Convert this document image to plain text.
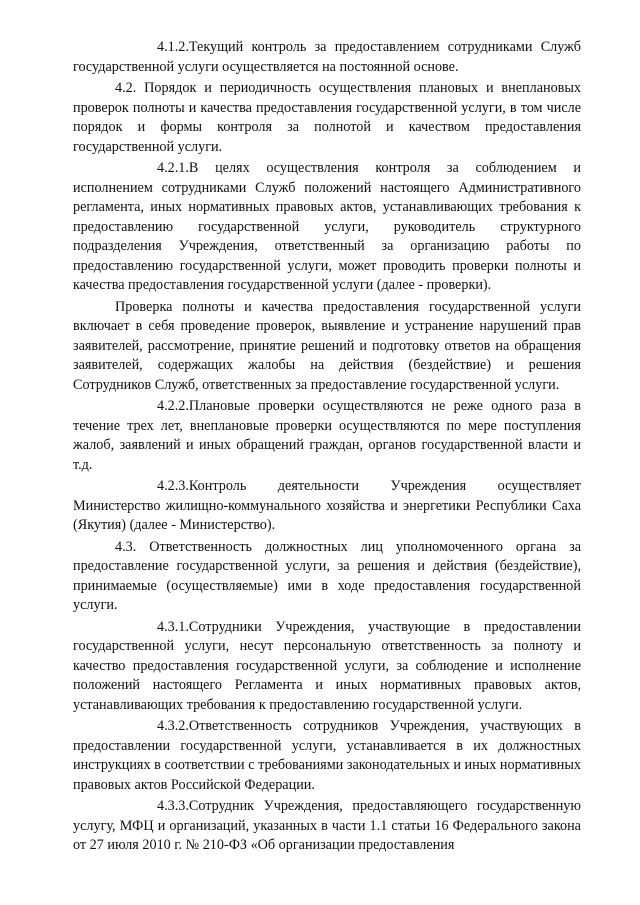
4.1.2.Текущий контроль за предоставлением сотрудниками Служб государственной услуги осуществляется на постоянной основе.

4.2. Порядок и периодичность осуществления плановых и внеплановых проверок полноты и качества предоставления государственной услуги, в том числе порядок и формы контроля за полнотой и качеством предоставления государственной услуги.

4.2.1.В целях осуществления контроля за соблюдением и исполнением сотрудниками Служб положений настоящего Административного регламента, иных нормативных правовых актов, устанавливающих требования к предоставлению государственной услуги, руководитель структурного подразделения Учреждения, ответственный за организацию работы по предоставлению государственной услуги, может проводить проверки полноты и качества предоставления государственной услуги (далее - проверки).

Проверка полноты и качества предоставления государственной услуги включает в себя проведение проверок, выявление и устранение нарушений прав заявителей, рассмотрение, принятие решений и подготовку ответов на обращения заявителей, содержащих жалобы на действия (бездействие) и решения Сотрудников Служб, ответственных за предоставление государственной услуги.

4.2.2.Плановые проверки осуществляются не реже одного раза в течение трех лет, внеплановые проверки осуществляются по мере поступления жалоб, заявлений и иных обращений граждан, органов государственной власти и т.д.

4.2.3.Контроль деятельности Учреждения осуществляет Министерство жилищно-коммунального хозяйства и энергетики Республики Саха (Якутия) (далее - Министерство).

4.3. Ответственность должностных лиц уполномоченного органа за предоставление государственной услуги, за решения и действия (бездействие), принимаемые (осуществляемые) ими в ходе предоставления государственной услуги.

4.3.1.Сотрудники Учреждения, участвующие в предоставлении государственной услуги, несут персональную ответственность за полноту и качество предоставления государственной услуги, за соблюдение и исполнение положений настоящего Регламента и иных нормативных правовых актов, устанавливающих требования к предоставлению государственной услуги.

4.3.2.Ответственность сотрудников Учреждения, участвующих в предоставлении государственной услуги, устанавливается в их должностных инструкциях в соответствии с требованиями законодательных и иных нормативных правовых актов Российской Федерации.

4.3.3.Сотрудник Учреждения, предоставляющего государственную услугу, МФЦ и организаций, указанных в части 1.1 статьи 16 Федерального закона от 27 июля 2010 г. № 210-ФЗ «Об организации предоставления
